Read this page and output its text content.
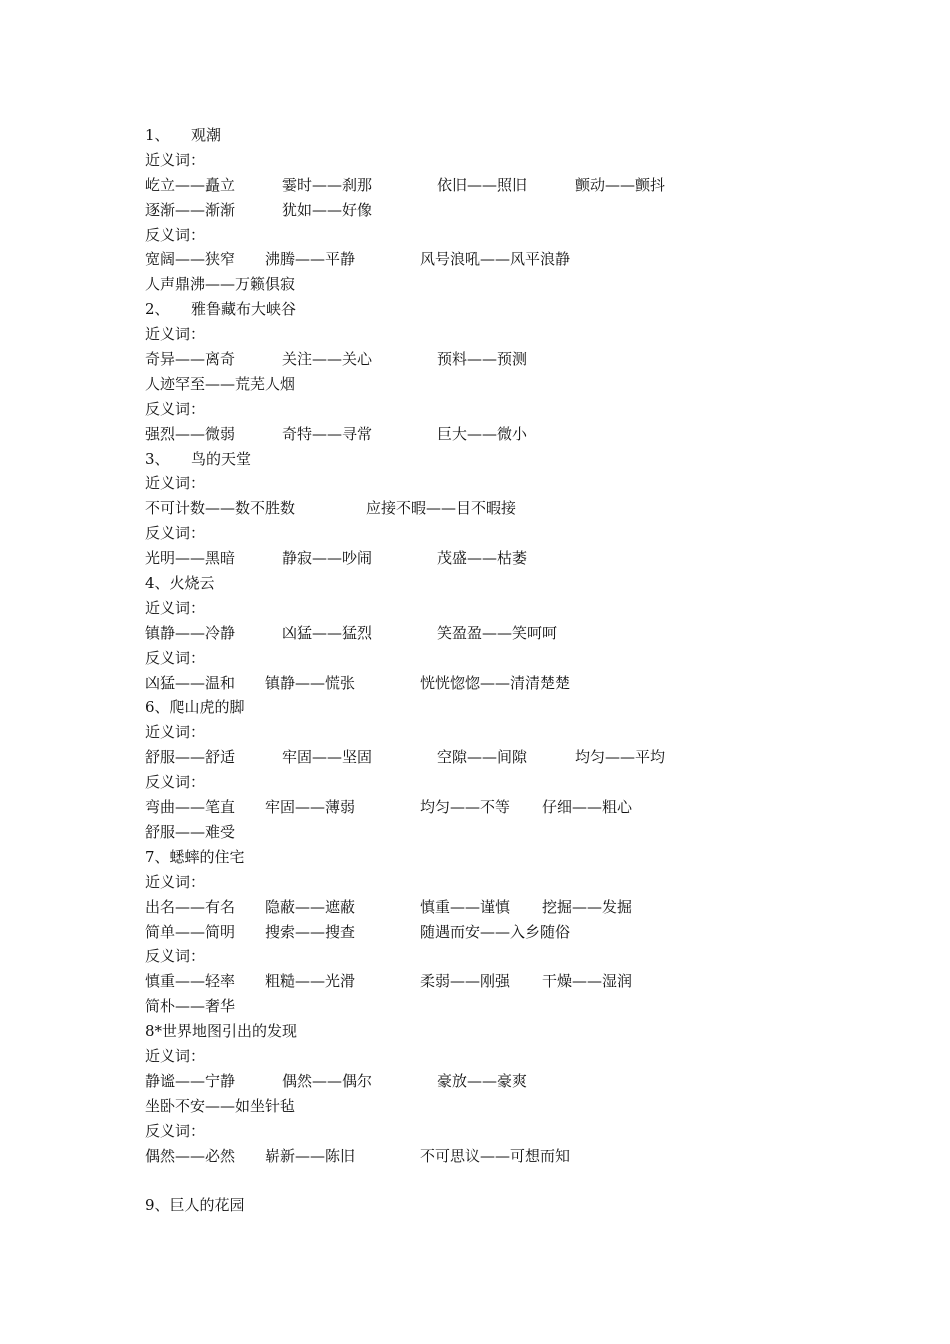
1、 观潮
近义词：
屹立——矗立	霎时——刹那	依旧——照旧	颤动——颤抖
逐渐——渐渐	犹如——好像
反义词：
宽阔——狭窄 沸腾——平静	风号浪吼——风平浪静
人声鼎沸——万籁俱寂
2、 雅鲁藏布大峡谷
近义词：
奇异——离奇	关注——关心	预料——预测
人迹罕至——荒芜人烟
反义词：
强烈——微弱	奇特——寻常	巨大——微小
3、 鸟的天堂
近义词：
不可计数——数不胜数	应接不暇——目不暇接
反义词：
光明——黑暗	静寂——吵闹	茂盛——枯萎
4、火烧云
近义词：
镇静——冷静	凶猛——猛烈	笑盈盈——笑呵呵
反义词：
凶猛——温和 镇静——慌张	恍恍惚惚——清清楚楚
6、爬山虎的脚
近义词：
舒服——舒适	牢固——坚固	空隙——间隙	均匀——平均
反义词：
弯曲——笔直 牢固——薄弱	均匀——不等 仔细——粗心
舒服——难受
7、蟋蟀的住宅
近义词：
出名——有名 隐蔽——遮蔽	慎重——谨慎 挖掘——发掘
简单——简明 搜索——搜查	随遇而安——入乡随俗
反义词：
慎重——轻率 粗糙——光滑	柔弱——刚强 干燥——湿润
简朴——奢华
8*世界地图引出的发现
近义词：
静谧——宁静	偶然——偶尔	豪放——豪爽
坐卧不安——如坐针毡
反义词：
偶然——必然 崭新——陈旧	不可思议——可想而知
9、巨人的花园
